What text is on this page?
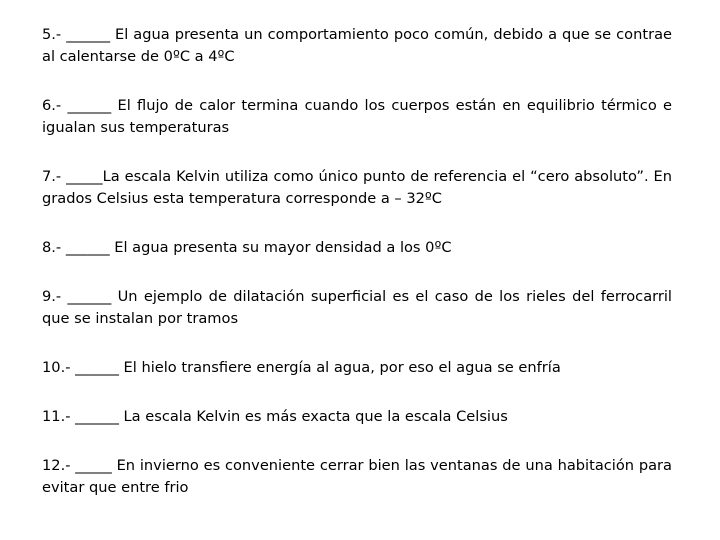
5.- ______ El agua presenta un comportamiento poco común, debido a que se contrae al calentarse de 0ºC a 4ºC

6.- ______ El flujo de calor termina cuando los cuerpos están en equilibrio térmico e igualan sus temperaturas

7.- _____La escala Kelvin utiliza como único punto de referencia el “cero absoluto”. En grados Celsius esta temperatura corresponde a – 32ºC

8.- ______ El agua presenta su mayor densidad a los 0ºC

9.- ______ Un ejemplo de dilatación superficial es el caso de los rieles del ferrocarril que se instalan por tramos

10.- ______ El hielo transfiere energía al agua, por eso el agua se enfría

11.- ______ La escala Kelvin es más exacta que la escala Celsius

12.- _____ En invierno es conveniente cerrar bien las ventanas de una habitación para evitar que entre frio
